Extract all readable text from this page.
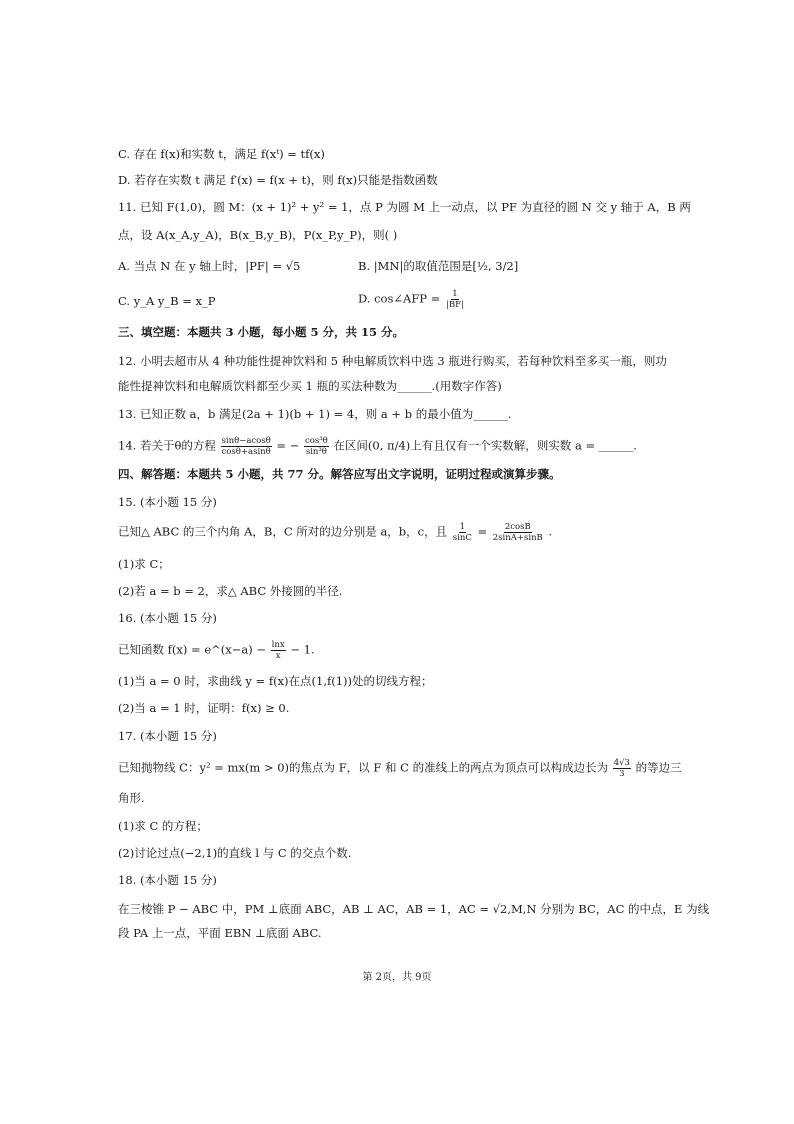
C. 存在 f(x)和实数 t，满足 f(xᵗ) = tf(x)
D. 若存在实数 t 满足 f′(x) = f(x + t)，则 f(x)只能是指数函数
11. 已知 F(1,0)，圆 M：(x + 1)² + y² = 1，点 P 为圆 M 上一动点，以 PF 为直径的圆 N 交 y 轴于 A，B 两
点，设 A(x_A,y_A)，B(x_B,y_B)，P(x_P,y_P)，则( )
A. 当点 N 在 y 轴上时，|PF| = √5	B. |MN|的取值范围是[½, 3/2]
C. y_A y_B = x_P	D. cos∠AFP = $\frac{1}{|BF|}$
三、填空题：本题共 3 小题，每小题 5 分，共 15 分。
12. 小明去超市从 4 种功能性提神饮料和 5 种电解质饮料中选 3 瓶进行购买，若每种饮料至多买一瓶，则功
能性提神饮料和电解质饮料都至少买 1 瓶的买法种数为______.(用数字作答)
13. 已知正数 a，b 满足(2a + 1)(b + 1) = 4，则 a + b 的最小值为______.
14. 若关于θ的方程 $\frac{\sin\theta-acos\theta}{\cos\theta+asin\theta}$ = − $\frac{\text{cos³θ}}{\text{sin³θ}}$ 在区间(0, π/4)上有且仅有一个实数解，则实数 a = ______.
四、解答题：本题共 5 小题，共 77 分。解答应写出文字说明，证明过程或演算步骤。
15. (本小题 15 分)
已知△ ABC 的三个内角 A，B，C 所对的边分别是 a，b，c，且 $\frac{1}{\sin C} = \frac{2\cos B}{2\sin A+\sin B}$ .
(1)求 C；
(2)若 a = b = 2，求△ ABC 外接圆的半径.
16. (本小题 15 分)
已知函数 f(x) = e^(x−a) − $\frac{\ln x}{x} - 1$.
(1)当 a = 0 时，求曲线 y = f(x)在点(1,f(1))处的切线方程；
(2)当 a = 1 时，证明：f(x) ≥ 0.
17. (本小题 15 分)
已知抛物线 C：y² = mx(m > 0)的焦点为 F，以 F 和 C 的准线上的两点为顶点可以构成边长为 $\frac{4√3}{3}$ 的等边三
角形.
(1)求 C 的方程；
(2)讨论过点(−2,1)的直线 l 与 C 的交点个数.
18. (本小题 15 分)
在三棱锥 P − ABC 中，PM ⊥底面 ABC，AB ⊥ AC，AB = 1，AC = √2,M,N 分别为 BC，AC 的中点，E 为线
段 PA 上一点，平面 EBN ⊥底面 ABC.
第 2页，共 9页
